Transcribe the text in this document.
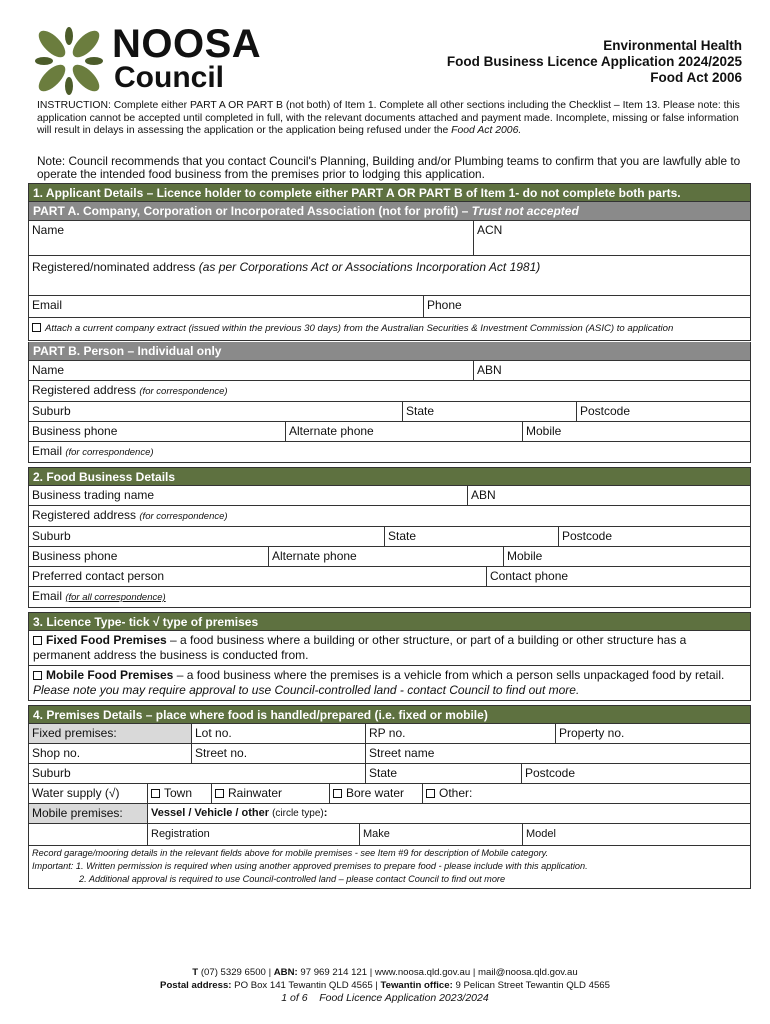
NOOSA
Council
Environmental Health
Food Business Licence Application 2024/2025
Food Act 2006
INSTRUCTION: Complete either PART A OR PART B (not both) of Item 1. Complete all other sections including the Checklist – Item 13. Please note: this application cannot be accepted until completed in full, with the relevant documents attached and payment made. Incomplete, missing or false information will result in delays in assessing the application or the application being refused under the Food Act 2006.
Note: Council recommends that you contact Council's Planning, Building and/or Plumbing teams to confirm that you are lawfully able to operate the intended food business from the premises prior to lodging this application.
1. Applicant Details – Licence holder to complete either PART A OR PART B of Item 1- do not complete both parts.
PART A. Company, Corporation or Incorporated Association (not for profit) – Trust not accepted
Name	ACN
Registered/nominated address (as per Corporations Act or Associations Incorporation Act 1981)
Email	Phone
Attach a current company extract (issued within the previous 30 days) from the Australian Securities & Investment Commission (ASIC) to application
PART B. Person – Individual only
Name	ABN
Registered address (for correspondence)
Suburb	State	Postcode
Business phone	Alternate phone	Mobile
Email (for correspondence)
2. Food Business Details
Business trading name	ABN
Registered address (for correspondence)
Suburb	State	Postcode
Business phone	Alternate phone	Mobile
Preferred contact person	Contact phone
Email (for all correspondence)
3. Licence Type- tick √ type of premises
Fixed Food Premises – a food business where a building or other structure, or part of a building or other structure has a permanent address the business is conducted from.
Mobile Food Premises – a food business where the premises is a vehicle from which a person sells unpackaged food by retail. Please note you may require approval to use Council-controlled land - contact Council to find out more.
4. Premises Details – place where food is handled/prepared (i.e. fixed or mobile)
Fixed premises:	Lot no.	RP no.	Property no.
Shop no.	Street no.	Street name
Suburb	State	Postcode
Water supply (√)	Town	Rainwater	Bore water	Other:
Mobile premises:	Vessel / Vehicle / other (circle type):
Registration	Make	Model
Record garage/mooring details in the relevant fields above for mobile premises - see Item #9 for description of Mobile category.
Important: 1. Written permission is required when using another approved premises to prepare food - please include with this application.
2. Additional approval is required to use Council-controlled land – please contact Council to find out more
T (07) 5329 6500 | ABN: 97 969 214 121 | www.noosa.qld.gov.au | mail@noosa.qld.gov.au
Postal address: PO Box 141 Tewantin QLD 4565 | Tewantin office: 9 Pelican Street Tewantin QLD 4565
1 of 6 Food Licence Application 2023/2024
